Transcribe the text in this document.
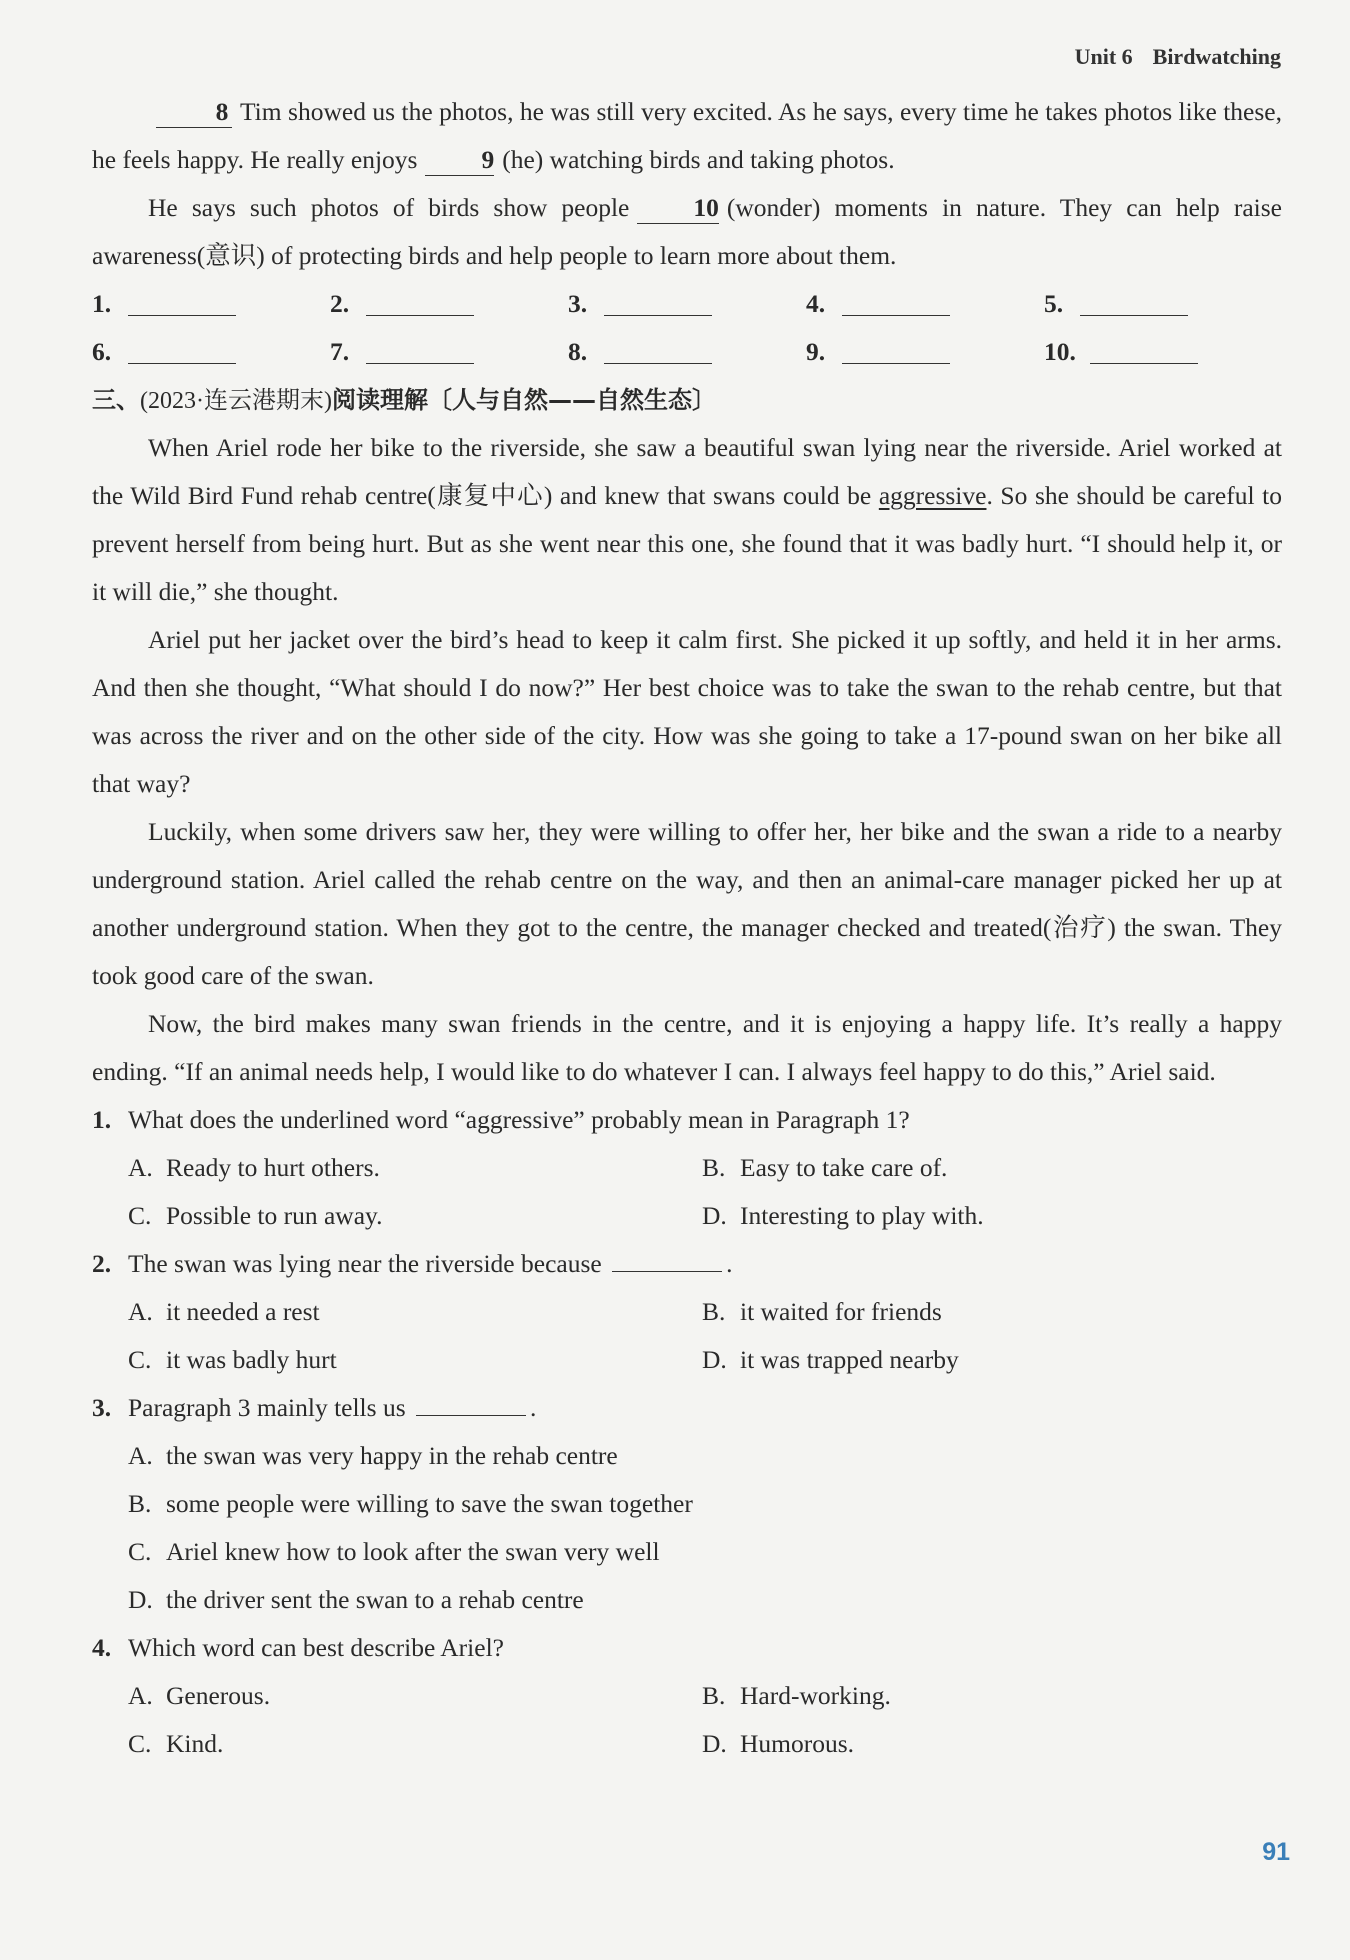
Unit 6 Birdwatching

8 Tim showed us the photos, he was still very excited. As he says, every time he takes photos like these, he feels happy. He really enjoys	9 (he) watching birds and taking photos.

He says such photos of birds show people	10 (wonder) moments in nature. They can help raise awareness(意识) of protecting birds and help people to learn more about them.

1.	2.	3.	4.	5.
6.	7.	8.	9.	10.
三、(2023·连云港期末)阅读理解〔人与自然——自然生态〕

When Ariel rode her bike to the riverside, she saw a beautiful swan lying near the riverside. Ariel worked at the Wild Bird Fund rehab centre(康复中心) and knew that swans could be aggressive. So she should be careful to prevent herself from being hurt. But as she went near this one, she found that it was badly hurt. “I should help it, or it will die,” she thought.

Ariel put her jacket over the bird’s head to keep it calm first. She picked it up softly, and held it in her arms. And then she thought, “What should I do now?” Her best choice was to take the swan to the rehab centre, but that was across the river and on the other side of the city. How was she going to take a 17-pound swan on her bike all that way?

Luckily, when some drivers saw her, they were willing to offer her, her bike and the swan a ride to a nearby underground station. Ariel called the rehab centre on the way, and then an animal-care manager picked her up at another underground station. When they got to the centre, the manager checked and treated(治疗) the swan. They took good care of the swan.

Now, the bird makes many swan friends in the centre, and it is enjoying a happy life. It’s really a happy ending. “If an animal needs help, I would like to do whatever I can. I always feel happy to do this,” Ariel said.

1. What does the underlined word “aggressive” probably mean in Paragraph 1?
A. Ready to hurt others.	B. Easy to take care of.
C. Possible to run away.	D. Interesting to play with.
2. The swan was lying near the riverside because	.
A. it needed a rest	B. it waited for friends
C. it was badly hurt	D. it was trapped nearby
3. Paragraph 3 mainly tells us	.
A. the swan was very happy in the rehab centre
B. some people were willing to save the swan together
C. Ariel knew how to look after the swan very well
D. the driver sent the swan to a rehab centre
4. Which word can best describe Ariel?
A. Generous.	B. Hard-working.
C. Kind.	D. Humorous.
91
